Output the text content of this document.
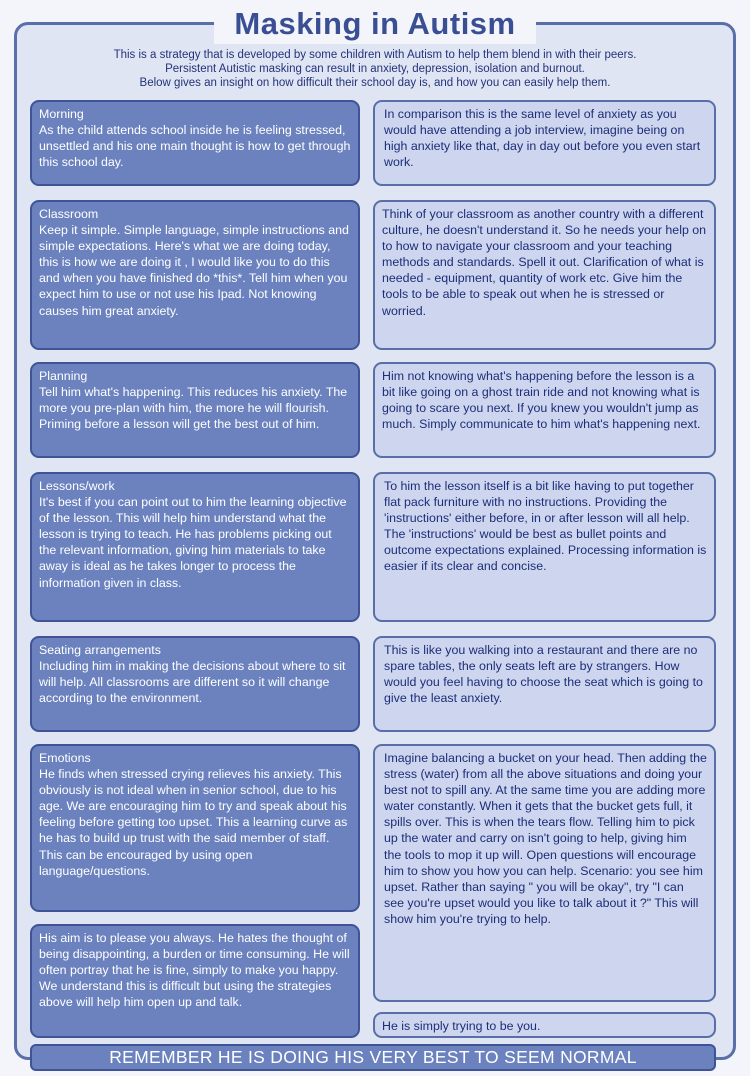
Masking in Autism
This is a strategy that is developed by some children with Autism to help them blend in with their peers.
Persistent Autistic masking can result in anxiety, depression, isolation and burnout.
Below gives an insight on how difficult their school day is, and how you can easily help them.
Morning
As the child attends school inside he is feeling stressed, unsettled and his one main thought is how to get through this school day.
In comparison this is the same level of anxiety as you would have attending a job interview, imagine being on high anxiety like that, day in day out before you even start work.
Classroom
Keep it simple. Simple language, simple instructions and simple expectations. Here's what we are doing today, this is how we are doing it , I would like you to do this and when you have finished do *this*. Tell him when you expect him to use or not use his Ipad. Not knowing causes him great anxiety.
Think of your classroom as another country with a different culture, he doesn't understand it. So he needs your help on to how to navigate your classroom and your teaching methods and standards. Spell it out. Clarification of what is needed - equipment, quantity of work etc. Give him the tools to be able to speak out when he is stressed or worried.
Planning
Tell him what's happening. This reduces his anxiety. The more you pre-plan with him, the more he will flourish. Priming before a lesson will get the best out of him.
Him not knowing what's happening before the lesson is a bit like going on a ghost train ride and not knowing what is going to scare you next. If you knew you wouldn't jump as much. Simply communicate to him what's happening next.
Lessons/work
It's best if you can point out to him the learning objective of the lesson. This will help him understand what the lesson is trying to teach. He has problems picking out the relevant information, giving him materials to take away is ideal as he takes longer to process the information given in class.
To him the lesson itself is a bit like having to put together flat pack furniture with no instructions. Providing the 'instructions' either before, in or after lesson will all help. The 'instructions' would be best as bullet points and outcome expectations explained. Processing information is easier if its clear and concise.
Seating arrangements
Including him in making the decisions about where to sit will help. All classrooms are different so it will change according to the environment.
This is like you walking into a restaurant and there are no spare tables, the only seats left are by strangers. How would you feel having to choose the seat which is going to give the least anxiety.
Emotions
He finds when stressed crying relieves his anxiety. This obviously is not ideal when in senior school, due to his age. We are encouraging him to try and speak about his feeling before getting too upset. This a learning curve as he has to build up trust with the said member of staff. This can be encouraged by using open language/questions.
Imagine balancing a bucket on your head. Then adding the stress (water) from all the above situations and doing your best not to spill any. At the same time you are adding more water constantly. When it gets that the bucket gets full, it spills over. This is when the tears flow. Telling him to pick up the water and carry on isn't going to help, giving him the tools to mop it up will. Open questions will encourage him to show you how you can help. Scenario: you see him upset. Rather than saying " you will be okay", try "I can see you're upset would you like to talk about it ?" This will show him you're trying to help.
His aim is to please you always. He hates the thought of being disappointing, a burden or time consuming. He will often portray that he is fine, simply to make you happy. We understand this is difficult but using the strategies above will help him open up and talk.
He is simply trying to be you.
REMEMBER HE IS DOING HIS VERY BEST TO SEEM NORMAL
